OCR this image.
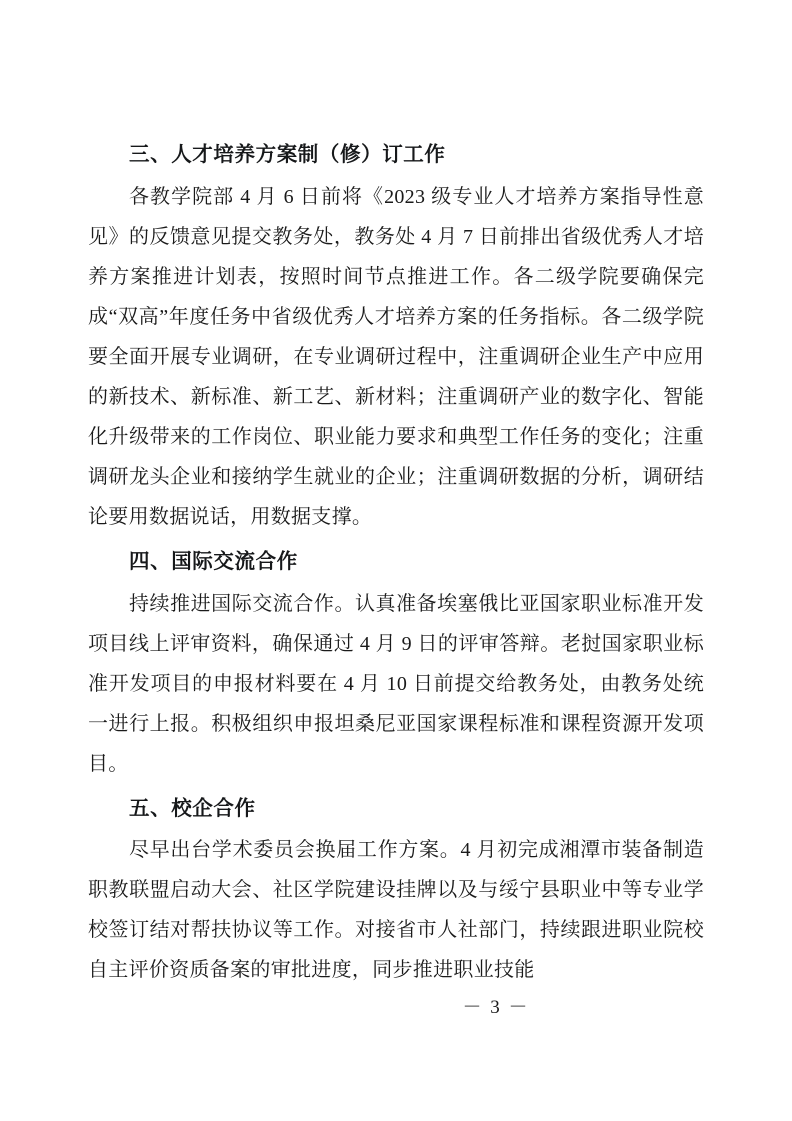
三、人才培养方案制（修）订工作

各教学院部 4 月 6 日前将《2023 级专业人才培养方案指导性意见》的反馈意见提交教务处，教务处 4 月 7 日前排出省级优秀人才培养方案推进计划表，按照时间节点推进工作。各二级学院要确保完成“双高”年度任务中省级优秀人才培养方案的任务指标。各二级学院要全面开展专业调研，在专业调研过程中，注重调研企业生产中应用的新技术、新标准、新工艺、新材料；注重调研产业的数字化、智能化升级带来的工作岗位、职业能力要求和典型工作任务的变化；注重调研龙头企业和接纳学生就业的企业；注重调研数据的分析，调研结论要用数据说话，用数据支撑。

四、国际交流合作

持续推进国际交流合作。认真准备埃塞俄比亚国家职业标准开发项目线上评审资料，确保通过 4 月 9 日的评审答辩。老挝国家职业标准开发项目的申报材料要在 4 月 10 日前提交给教务处，由教务处统一进行上报。积极组织申报坦桑尼亚国家课程标准和课程资源开发项目。

五、校企合作

尽早出台学术委员会换届工作方案。4 月初完成湘潭市装备制造职教联盟启动大会、社区学院建设挂牌以及与绥宁县职业中等专业学校签订结对帮扶协议等工作。对接省市人社部门，持续跟进职业院校自主评价资质备案的审批进度，同步推进职业技能

－ 3 －
